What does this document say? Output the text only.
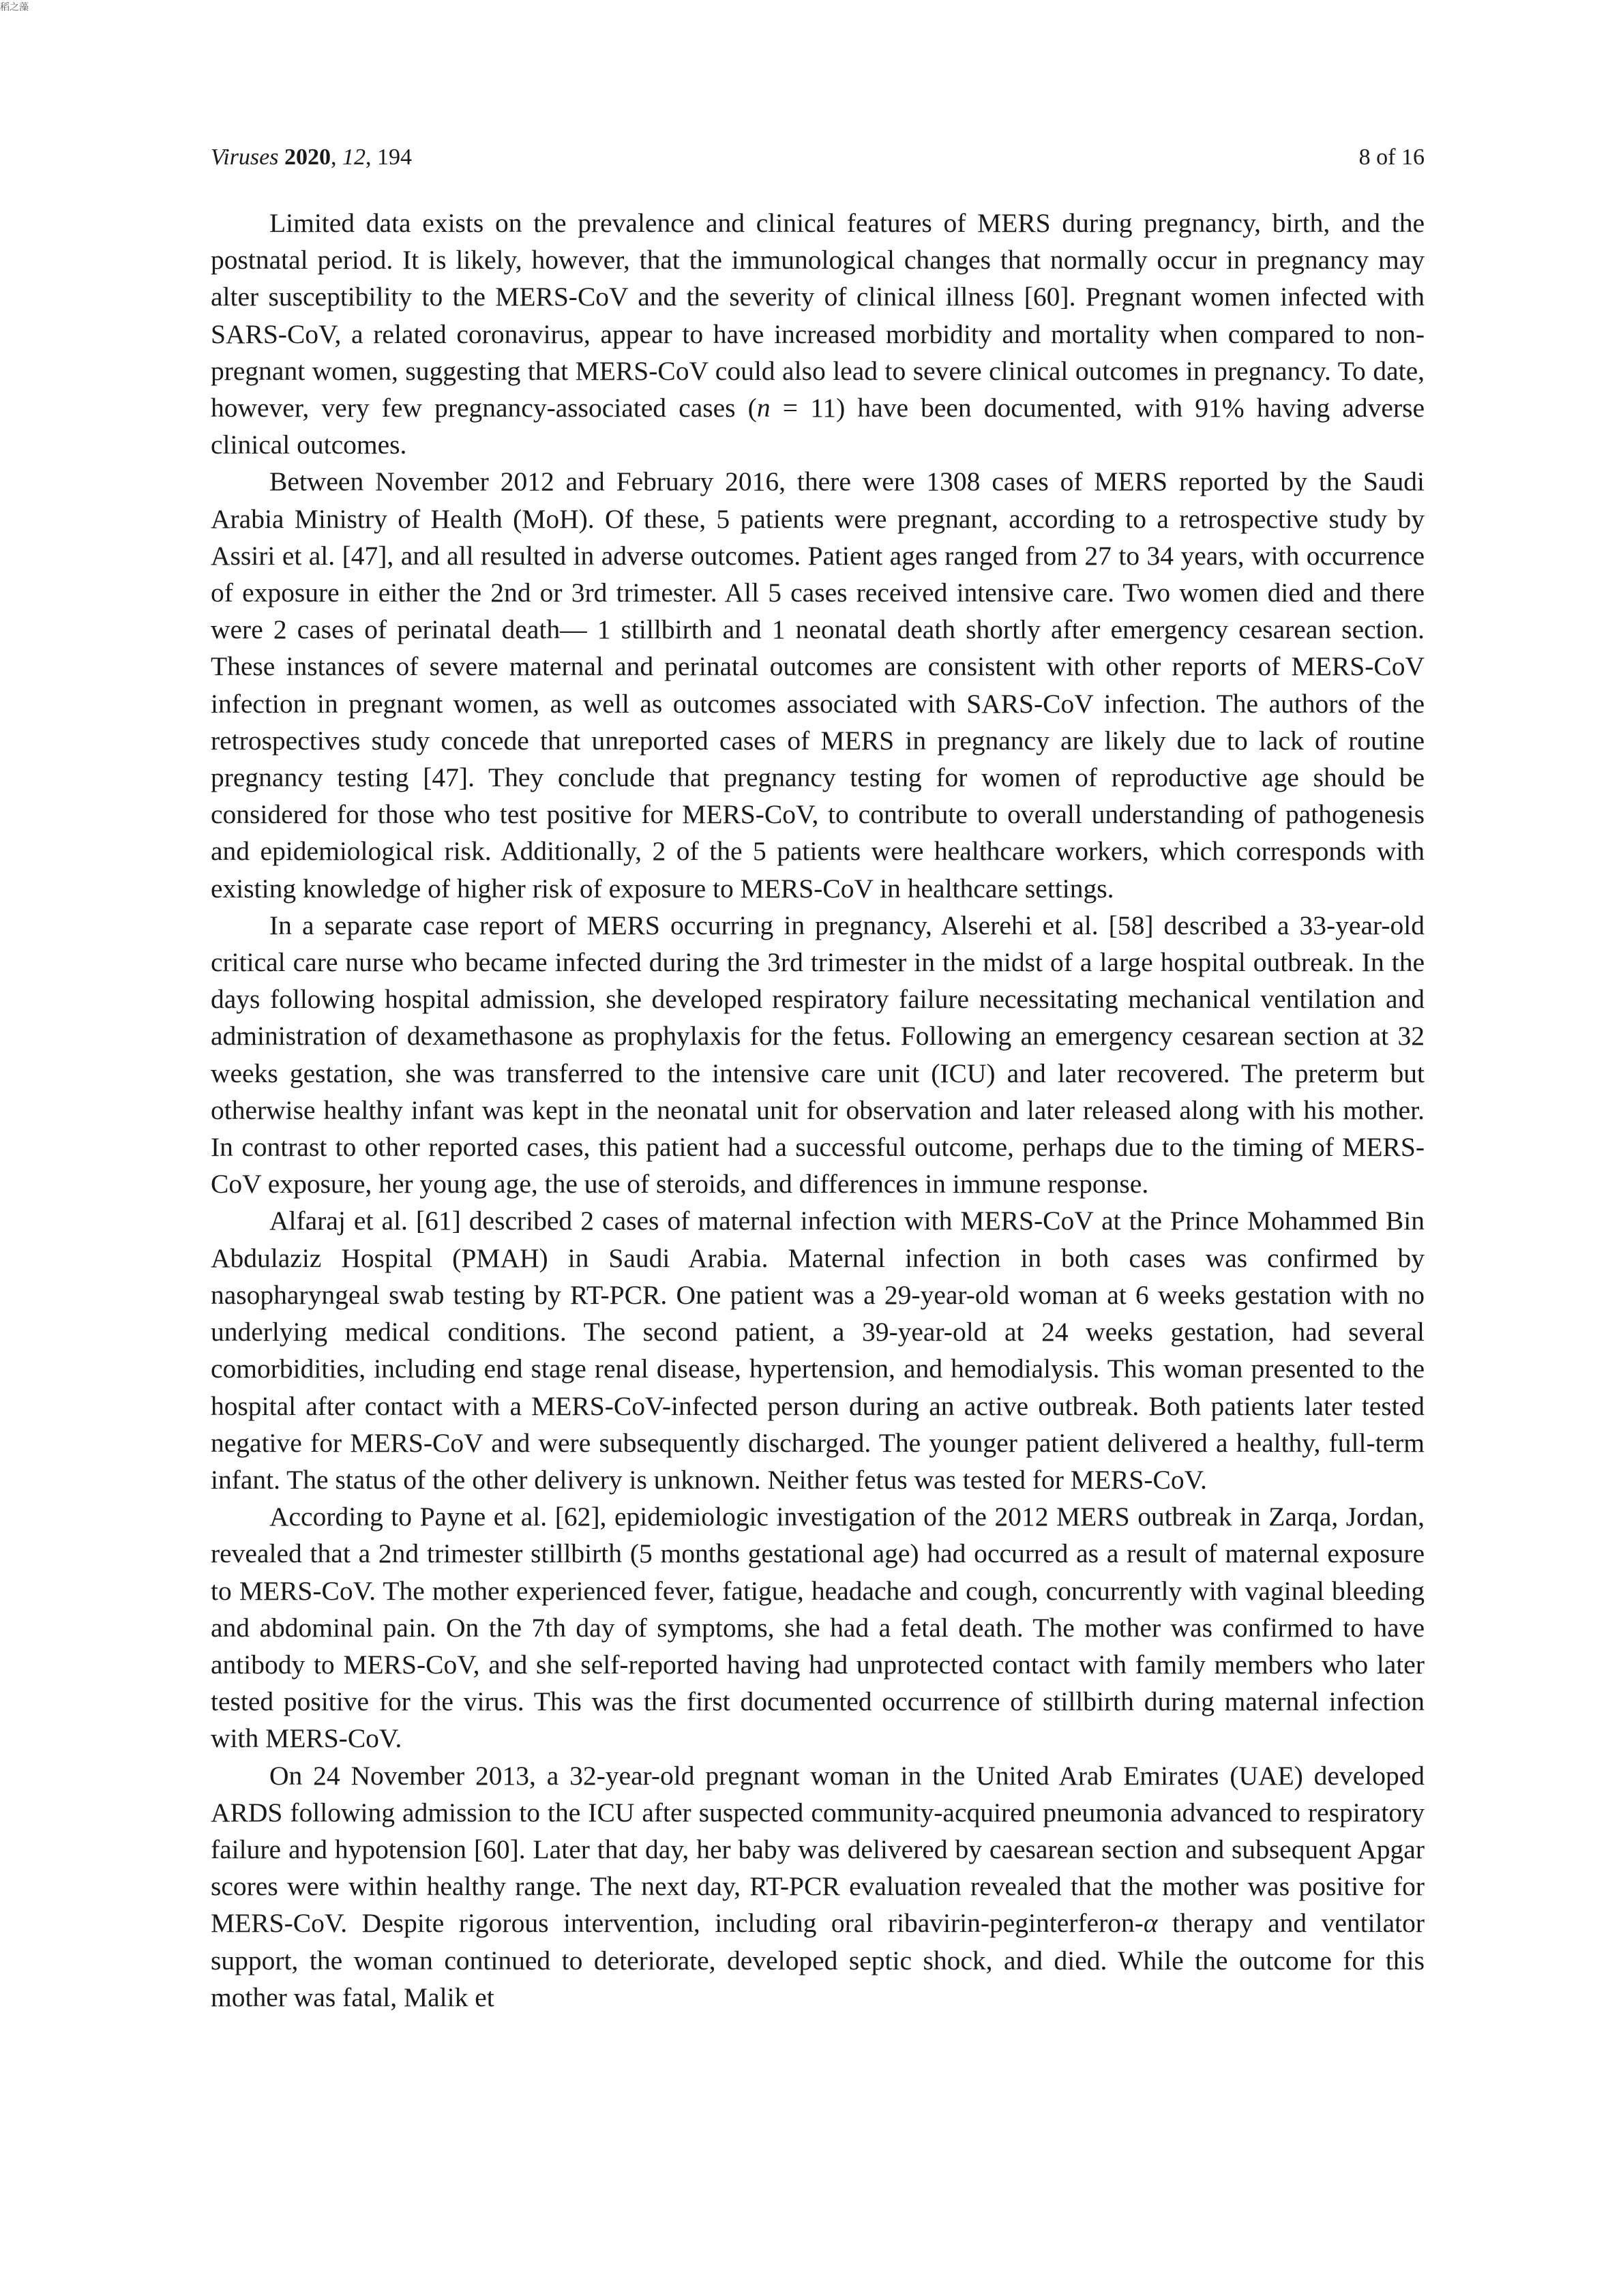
稻之藻
Viruses 2020, 12, 194	8 of 16

Limited data exists on the prevalence and clinical features of MERS during pregnancy, birth, and the postnatal period. It is likely, however, that the immunological changes that normally occur in pregnancy may alter susceptibility to the MERS-CoV and the severity of clinical illness [60]. Pregnant women infected with SARS-CoV, a related coronavirus, appear to have increased morbidity and mortality when compared to non-pregnant women, suggesting that MERS-CoV could also lead to severe clinical outcomes in pregnancy. To date, however, very few pregnancy-associated cases (n = 11) have been documented, with 91% having adverse clinical outcomes.

Between November 2012 and February 2016, there were 1308 cases of MERS reported by the Saudi Arabia Ministry of Health (MoH). Of these, 5 patients were pregnant, according to a retrospective study by Assiri et al. [47], and all resulted in adverse outcomes. Patient ages ranged from 27 to 34 years, with occurrence of exposure in either the 2nd or 3rd trimester. All 5 cases received intensive care. Two women died and there were 2 cases of perinatal death— 1 stillbirth and 1 neonatal death shortly after emergency cesarean section. These instances of severe maternal and perinatal outcomes are consistent with other reports of MERS-CoV infection in pregnant women, as well as outcomes associated with SARS-CoV infection. The authors of the retrospectives study concede that unreported cases of MERS in pregnancy are likely due to lack of routine pregnancy testing [47]. They conclude that pregnancy testing for women of reproductive age should be considered for those who test positive for MERS-CoV, to contribute to overall understanding of pathogenesis and epidemiological risk. Additionally, 2 of the 5 patients were healthcare workers, which corresponds with existing knowledge of higher risk of exposure to MERS-CoV in healthcare settings.

In a separate case report of MERS occurring in pregnancy, Alserehi et al. [58] described a 33-year-old critical care nurse who became infected during the 3rd trimester in the midst of a large hospital outbreak. In the days following hospital admission, she developed respiratory failure necessitating mechanical ventilation and administration of dexamethasone as prophylaxis for the fetus. Following an emergency cesarean section at 32 weeks gestation, she was transferred to the intensive care unit (ICU) and later recovered. The preterm but otherwise healthy infant was kept in the neonatal unit for observation and later released along with his mother. In contrast to other reported cases, this patient had a successful outcome, perhaps due to the timing of MERS-CoV exposure, her young age, the use of steroids, and differences in immune response.

Alfaraj et al. [61] described 2 cases of maternal infection with MERS-CoV at the Prince Mohammed Bin Abdulaziz Hospital (PMAH) in Saudi Arabia. Maternal infection in both cases was confirmed by nasopharyngeal swab testing by RT-PCR. One patient was a 29-year-old woman at 6 weeks gestation with no underlying medical conditions. The second patient, a 39-year-old at 24 weeks gestation, had several comorbidities, including end stage renal disease, hypertension, and hemodialysis. This woman presented to the hospital after contact with a MERS-CoV-infected person during an active outbreak. Both patients later tested negative for MERS-CoV and were subsequently discharged. The younger patient delivered a healthy, full-term infant. The status of the other delivery is unknown. Neither fetus was tested for MERS-CoV.

According to Payne et al. [62], epidemiologic investigation of the 2012 MERS outbreak in Zarqa, Jordan, revealed that a 2nd trimester stillbirth (5 months gestational age) had occurred as a result of maternal exposure to MERS-CoV. The mother experienced fever, fatigue, headache and cough, concurrently with vaginal bleeding and abdominal pain. On the 7th day of symptoms, she had a fetal death. The mother was confirmed to have antibody to MERS-CoV, and she self-reported having had unprotected contact with family members who later tested positive for the virus. This was the first documented occurrence of stillbirth during maternal infection with MERS-CoV.

On 24 November 2013, a 32-year-old pregnant woman in the United Arab Emirates (UAE) developed ARDS following admission to the ICU after suspected community-acquired pneumonia advanced to respiratory failure and hypotension [60]. Later that day, her baby was delivered by caesarean section and subsequent Apgar scores were within healthy range. The next day, RT-PCR evaluation revealed that the mother was positive for MERS-CoV. Despite rigorous intervention, including oral ribavirin-peginterferon-α therapy and ventilator support, the woman continued to deteriorate, developed septic shock, and died. While the outcome for this mother was fatal, Malik et
